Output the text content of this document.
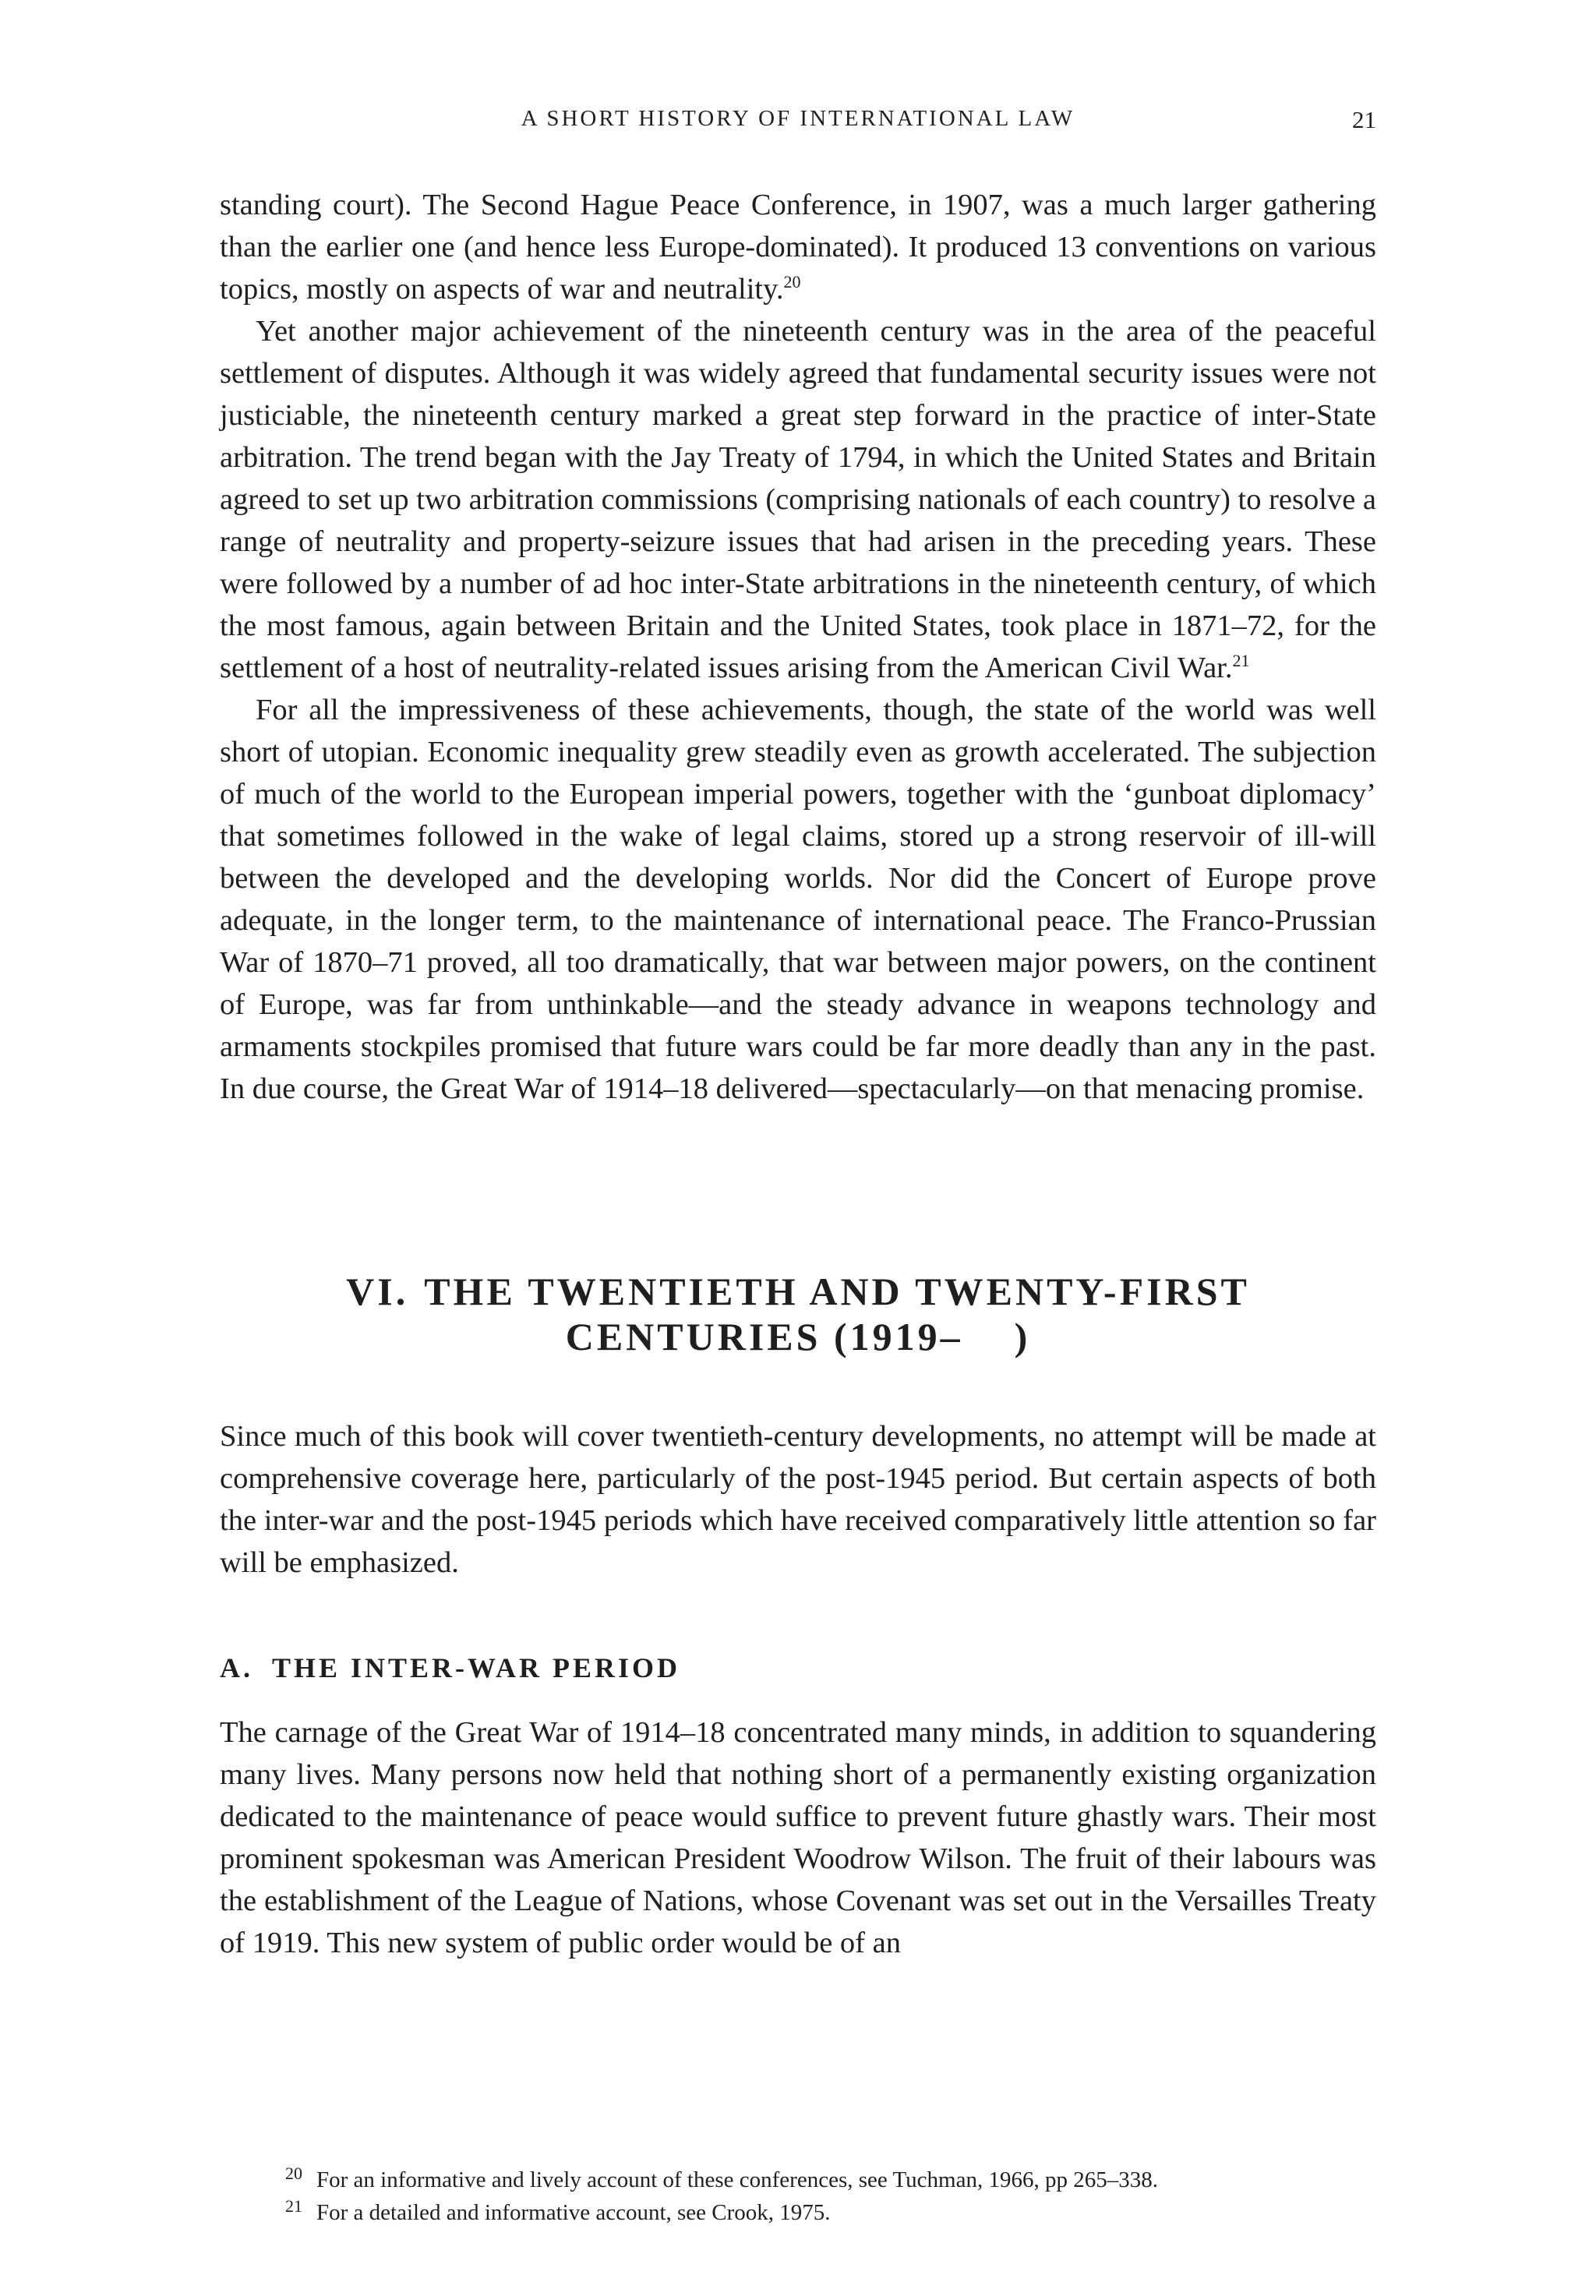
A SHORT HISTORY OF INTERNATIONAL LAW	21

standing court). The Second Hague Peace Conference, in 1907, was a much larger gathering than the earlier one (and hence less Europe-dominated). It produced 13 conventions on various topics, mostly on aspects of war and neutrality.$^{20}$

Yet another major achievement of the nineteenth century was in the area of the peaceful settlement of disputes. Although it was widely agreed that fundamental security issues were not justiciable, the nineteenth century marked a great step forward in the practice of inter-State arbitration. The trend began with the Jay Treaty of 1794, in which the United States and Britain agreed to set up two arbitration commissions (comprising nationals of each country) to resolve a range of neutrality and property-seizure issues that had arisen in the preceding years. These were followed by a number of ad hoc inter-State arbitrations in the nineteenth century, of which the most famous, again between Britain and the United States, took place in 1871–72, for the settlement of a host of neutrality-related issues arising from the American Civil War.$^{21}$

For all the impressiveness of these achievements, though, the state of the world was well short of utopian. Economic inequality grew steadily even as growth accelerated. The subjection of much of the world to the European imperial powers, together with the ‘gunboat diplomacy’ that sometimes followed in the wake of legal claims, stored up a strong reservoir of ill-will between the developed and the developing worlds. Nor did the Concert of Europe prove adequate, in the longer term, to the maintenance of international peace. The Franco-Prussian War of 1870–71 proved, all too dramatically, that war between major powers, on the continent of Europe, was far from unthinkable—and the steady advance in weapons technology and armaments stockpiles promised that future wars could be far more deadly than any in the past. In due course, the Great War of 1914–18 delivered—spectacularly—on that menacing promise.

VI. THE TWENTIETH AND TWENTY-FIRST
CENTURIES (1919–    )

Since much of this book will cover twentieth-century developments, no attempt will be made at comprehensive coverage here, particularly of the post-1945 period. But certain aspects of both the inter-war and the post-1945 periods which have received comparatively little attention so far will be emphasized.

A. THE INTER-WAR PERIOD

The carnage of the Great War of 1914–18 concentrated many minds, in addition to squandering many lives. Many persons now held that nothing short of a permanently existing organization dedicated to the maintenance of peace would suffice to prevent future ghastly wars. Their most prominent spokesman was American President Woodrow Wilson. The fruit of their labours was the establishment of the League of Nations, whose Covenant was set out in the Versailles Treaty of 1919. This new system of public order would be of an

$^{20}$ For an informative and lively account of these conferences, see Tuchman, 1966, pp 265–338.

$^{21}$ For a detailed and informative account, see Crook, 1975.
